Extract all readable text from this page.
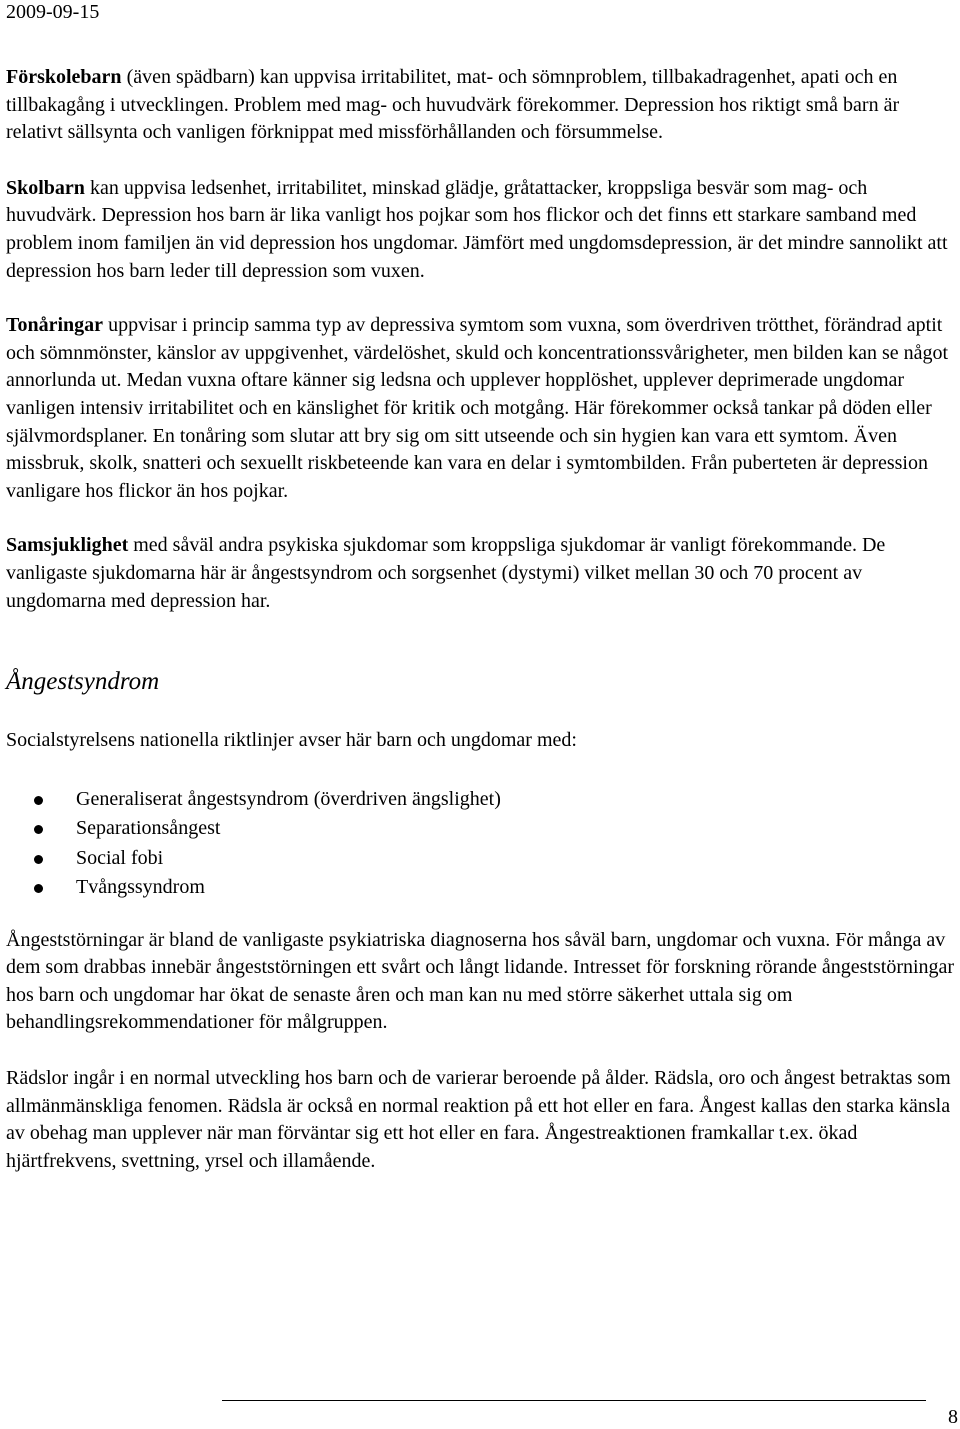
2009-09-15

Förskolebarn (även spädbarn) kan uppvisa irritabilitet, mat- och sömnproblem, tillbakadragenhet, apati och en tillbakagång i utvecklingen. Problem med mag- och huvudvärk förekommer. Depression hos riktigt små barn är relativt sällsynta och vanligen förknippat med missförhållanden och försummelse.

Skolbarn kan uppvisa ledsenhet, irritabilitet, minskad glädje, gråtattacker, kroppsliga besvär som mag- och huvudvärk. Depression hos barn är lika vanligt hos pojkar som hos flickor och det finns ett starkare samband med problem inom familjen än vid depression hos ungdomar. Jämfört med ungdomsdepression, är det mindre sannolikt att depression hos barn leder till depression som vuxen.

Tonåringar uppvisar i princip samma typ av depressiva symtom som vuxna, som överdriven trötthet, förändrad aptit och sömnmönster, känslor av uppgivenhet, värdelöshet, skuld och koncentrationssvårigheter, men bilden kan se något annorlunda ut. Medan vuxna oftare känner sig ledsna och upplever hopplöshet, upplever deprimerade ungdomar vanligen intensiv irritabilitet och en känslighet för kritik och motgång. Här förekommer också tankar på döden eller självmordsplaner. En tonåring som slutar att bry sig om sitt utseende och sin hygien kan vara ett symtom. Även missbruk, skolk, snatteri och sexuellt riskbeteende kan vara en delar i symtombilden. Från puberteten är depression vanligare hos flickor än hos pojkar.

Samsjuklighet med såväl andra psykiska sjukdomar som kroppsliga sjukdomar är vanligt förekommande. De vanligaste sjukdomarna här är ångestsyndrom och sorgsenhet (dystymi) vilket mellan 30 och 70 procent av ungdomarna med depression har.

Ångestsyndrom

Socialstyrelsens nationella riktlinjer avser här barn och ungdomar med:

Generaliserat ångestsyndrom (överdriven ängslighet)
Separationsångest
Social fobi
Tvångssyndrom

Ångeststörningar är bland de vanligaste psykiatriska diagnoserna hos såväl barn, ungdomar och vuxna. För många av dem som drabbas innebär ångeststörningen ett svårt och långt lidande. Intresset för forskning rörande ångeststörningar hos barn och ungdomar har ökat de senaste åren och man kan nu med större säkerhet uttala sig om behandlingsrekommendationer för målgruppen.

Rädslor ingår i en normal utveckling hos barn och de varierar beroende på ålder. Rädsla, oro och ångest betraktas som allmänmänskliga fenomen. Rädsla är också en normal reaktion på ett hot eller en fara. Ångest kallas den starka känsla av obehag man upplever när man förväntar sig ett hot eller en fara. Ångestreaktionen framkallar t.ex. ökad hjärtfrekvens, svettning, yrsel och illamående.

8
